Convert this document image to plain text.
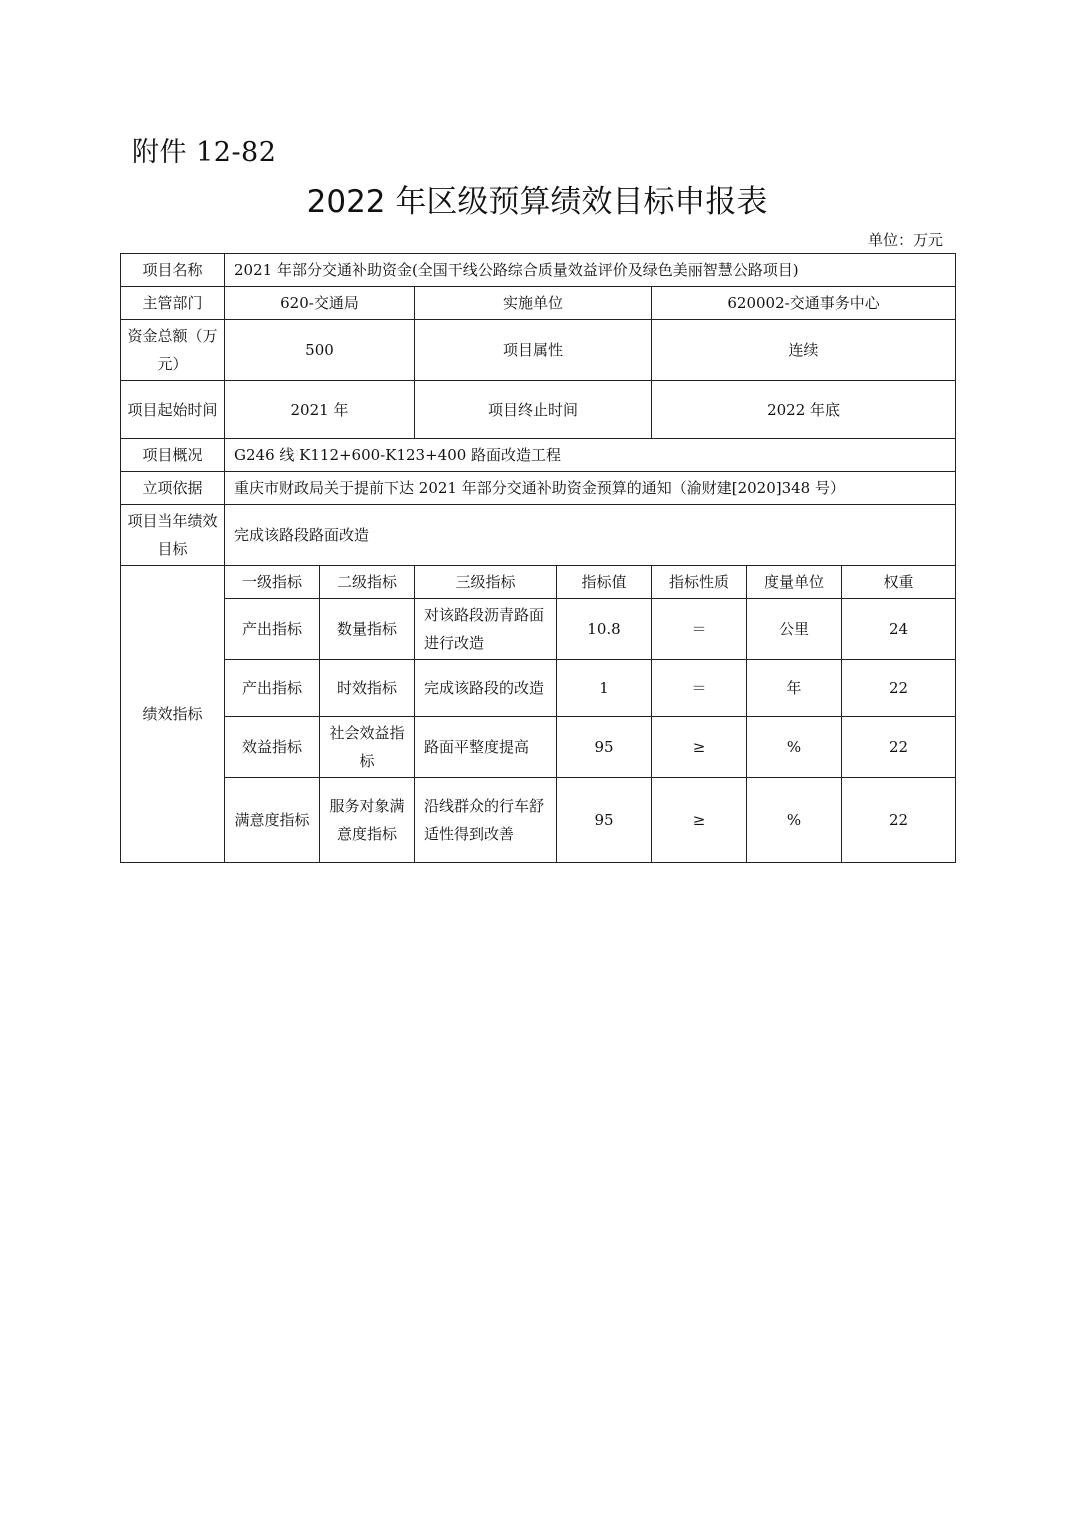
附件 12-82
2022 年区级预算绩效目标申报表
单位：万元
项目名称	2021 年部分交通补助资金(全国干线公路综合质量效益评价及绿色美丽智慧公路项目)						
主管部门	620-交通局		实施单位		620002-交通事务中心		
资金总额（万元）	500		项目属性		连续		
项目起始时间	2021 年		项目终止时间		2022 年底		
项目概况	G246 线 K112+600-K123+400 路面改造工程						
立项依据	重庆市财政局关于提前下达 2021 年部分交通补助资金预算的通知（渝财建[2020]348 号）						
项目当年绩效目标	完成该路段路面改造						
绩效指标	一级指标	二级指标	三级指标	指标值	指标性质	度量单位	权重
	产出指标	数量指标	对该路段沥青路面进行改造	10.8	＝	公里	24
	产出指标	时效指标	完成该路段的改造	1	＝	年	22
	效益指标	社会效益指标	路面平整度提高	95	≥	%	22
	满意度指标	服务对象满意度指标	沿线群众的行车舒适性得到改善	95	≥	%	22
